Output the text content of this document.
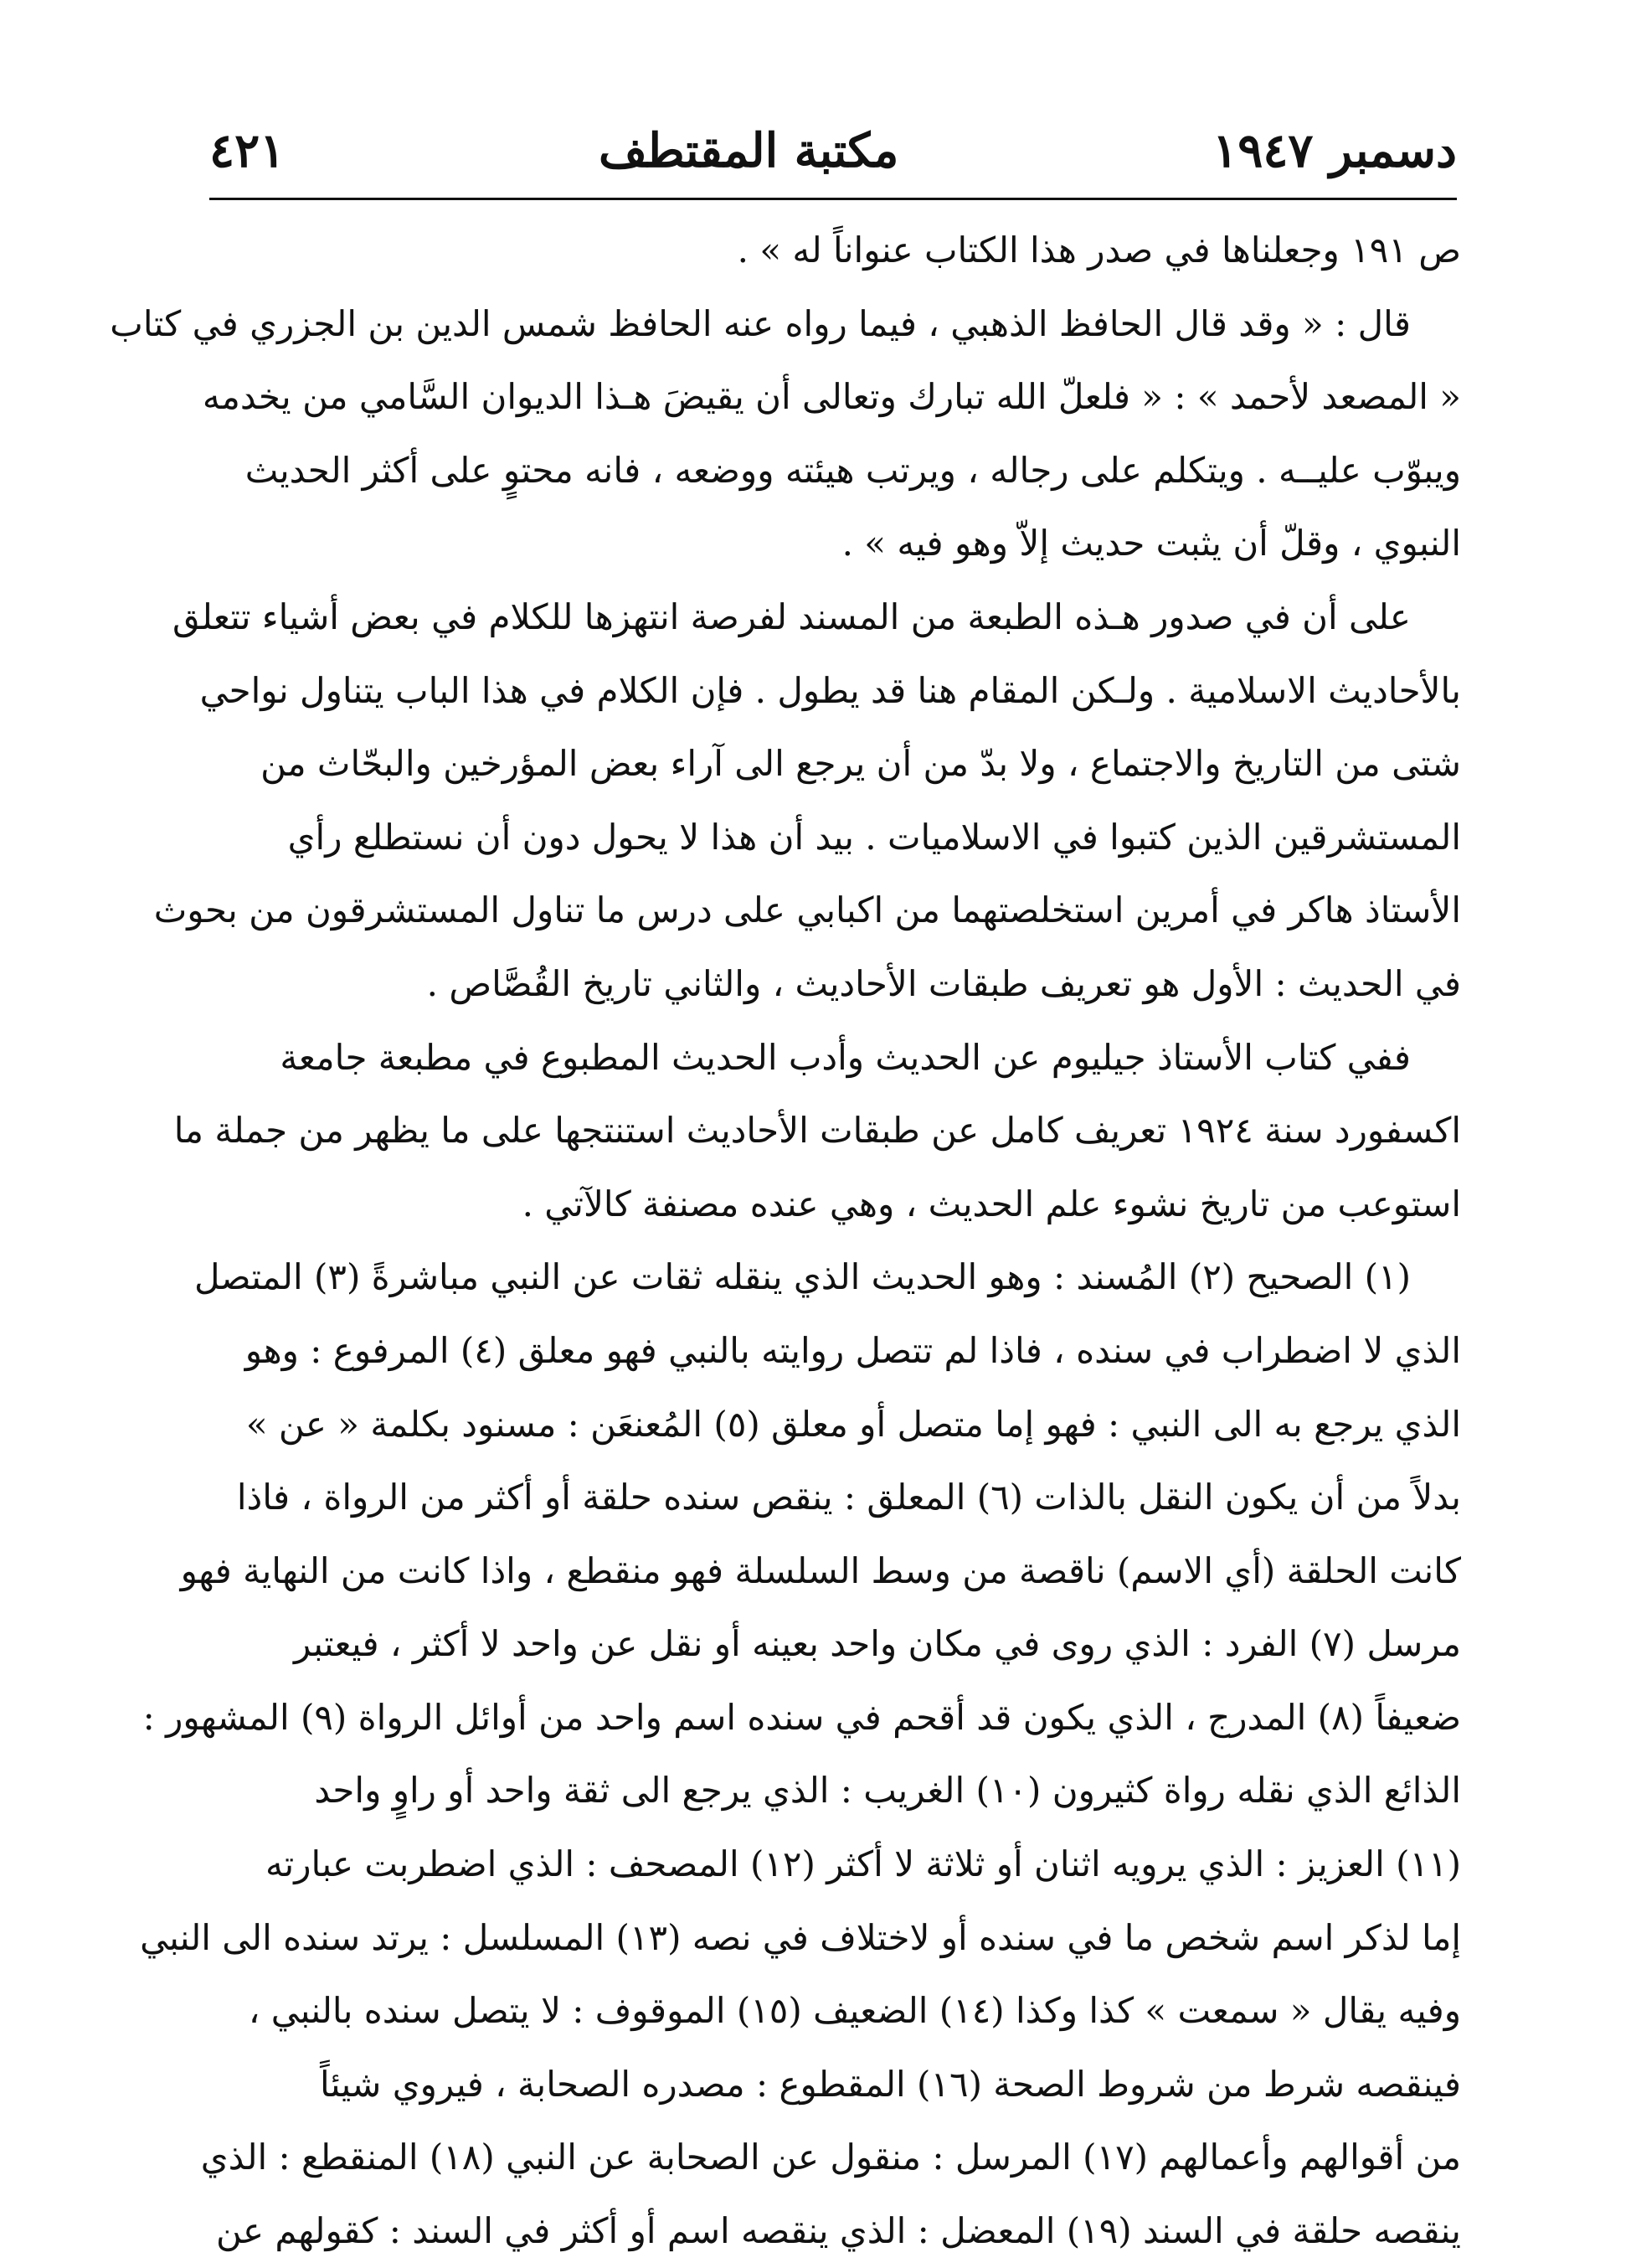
دسمبر ١٩٤٧
مكتبة المقتطف
٤٢١
ص ١٩١ وجعلناها في صدر هذا الكتاب عنواناً له » .
قال : « وقد قال الحافظ الذهبي ، فيما رواه عنه الحافظ شمس الدين بن الجزري في كتاب
« المصعد لأحمد » : « فلعلّ الله تبارك وتعالى أن يقيضَ هـذا الديوان السَّامي من يخدمه
ويبوّب عليــه . ويتكلم على رجاله ، ويرتب هيئته ووضعه ، فانه محتوٍ على أكثر الحديث
النبوي ، وقلّ أن يثبت حديث إلاّ وهو فيه » .
على أن في صدور هـذه الطبعة من المسند لفرصة انتهزها للكلام في بعض أشياء تتعلق
بالأحاديث الاسلامية . ولـكن المقام هنا قد يطول . فإن الكلام في هذا الباب يتناول نواحي
شتى من التاريخ والاجتماع ، ولا بدّ من أن يرجع الى آراء بعض المؤرخين والبحّاث من
المستشرقين الذين كتبوا في الاسلاميات . بيد أن هذا لا يحول دون أن نستطلع رأي
الأستاذ هاكر في أمرين استخلصتهما من اكبابي على درس ما تناول المستشرقون من بحوث
في الحديث : الأول هو تعريف طبقات الأحاديث ، والثاني تاريخ القُصَّاص .
ففي كتاب الأستاذ جيليوم عن الحديث وأدب الحديث المطبوع في مطبعة جامعة
اكسفورد سنة ١٩٢٤ تعريف كامل عن طبقات الأحاديث استنتجها على ما يظهر من جملة ما
استوعب من تاريخ نشوء علم الحديث ، وهي عنده مصنفة كالآتي .
(١) الصحيح (٢) المُسند : وهو الحديث الذي ينقله ثقات عن النبي مباشرةً (٣) المتصل
الذي لا اضطراب في سنده ، فاذا لم تتصل روايته بالنبي فهو معلق (٤) المرفوع : وهو
الذي يرجع به الى النبي : فهو إما متصل أو معلق (٥) المُعنعَن : مسنود بكلمة « عن »
بدلاً من أن يكون النقل بالذات (٦) المعلق : ينقص سنده حلقة أو أكثر من الرواة ، فاذا
كانت الحلقة (أي الاسم) ناقصة من وسط السلسلة فهو منقطع ، واذا كانت من النهاية فهو
مرسل (٧) الفرد : الذي روى في مكان واحد بعينه أو نقل عن واحد لا أكثر ، فيعتبر
ضعيفاً (٨) المدرج ، الذي يكون قد أقحم في سنده اسم واحد من أوائل الرواة (٩) المشهور :
الذائع الذي نقله رواة كثيرون (١٠) الغريب : الذي يرجع الى ثقة واحد أو راوٍ واحد
(١١) العزيز : الذي يرويه اثنان أو ثلاثة لا أكثر (١٢) المصحف : الذي اضطربت عبارته
إما لذكر اسم شخص ما في سنده أو لاختلاف في نصه (١٣) المسلسل : يرتد سنده الى النبي
وفيه يقال « سمعت » كذا وكذا (١٤) الضعيف (١٥) الموقوف : لا يتصل سنده بالنبي ،
فينقصه شرط من شروط الصحة (١٦) المقطوع : مصدره الصحابة ، فيروي شيئاً
من أقوالهم وأعمالهم (١٧) المرسل : منقول عن الصحابة عن النبي (١٨) المنقطع : الذي
ينقصه حلقة في السند (١٩) المعضل : الذي ينقصه اسم أو أكثر في السند : كقولهم عن
